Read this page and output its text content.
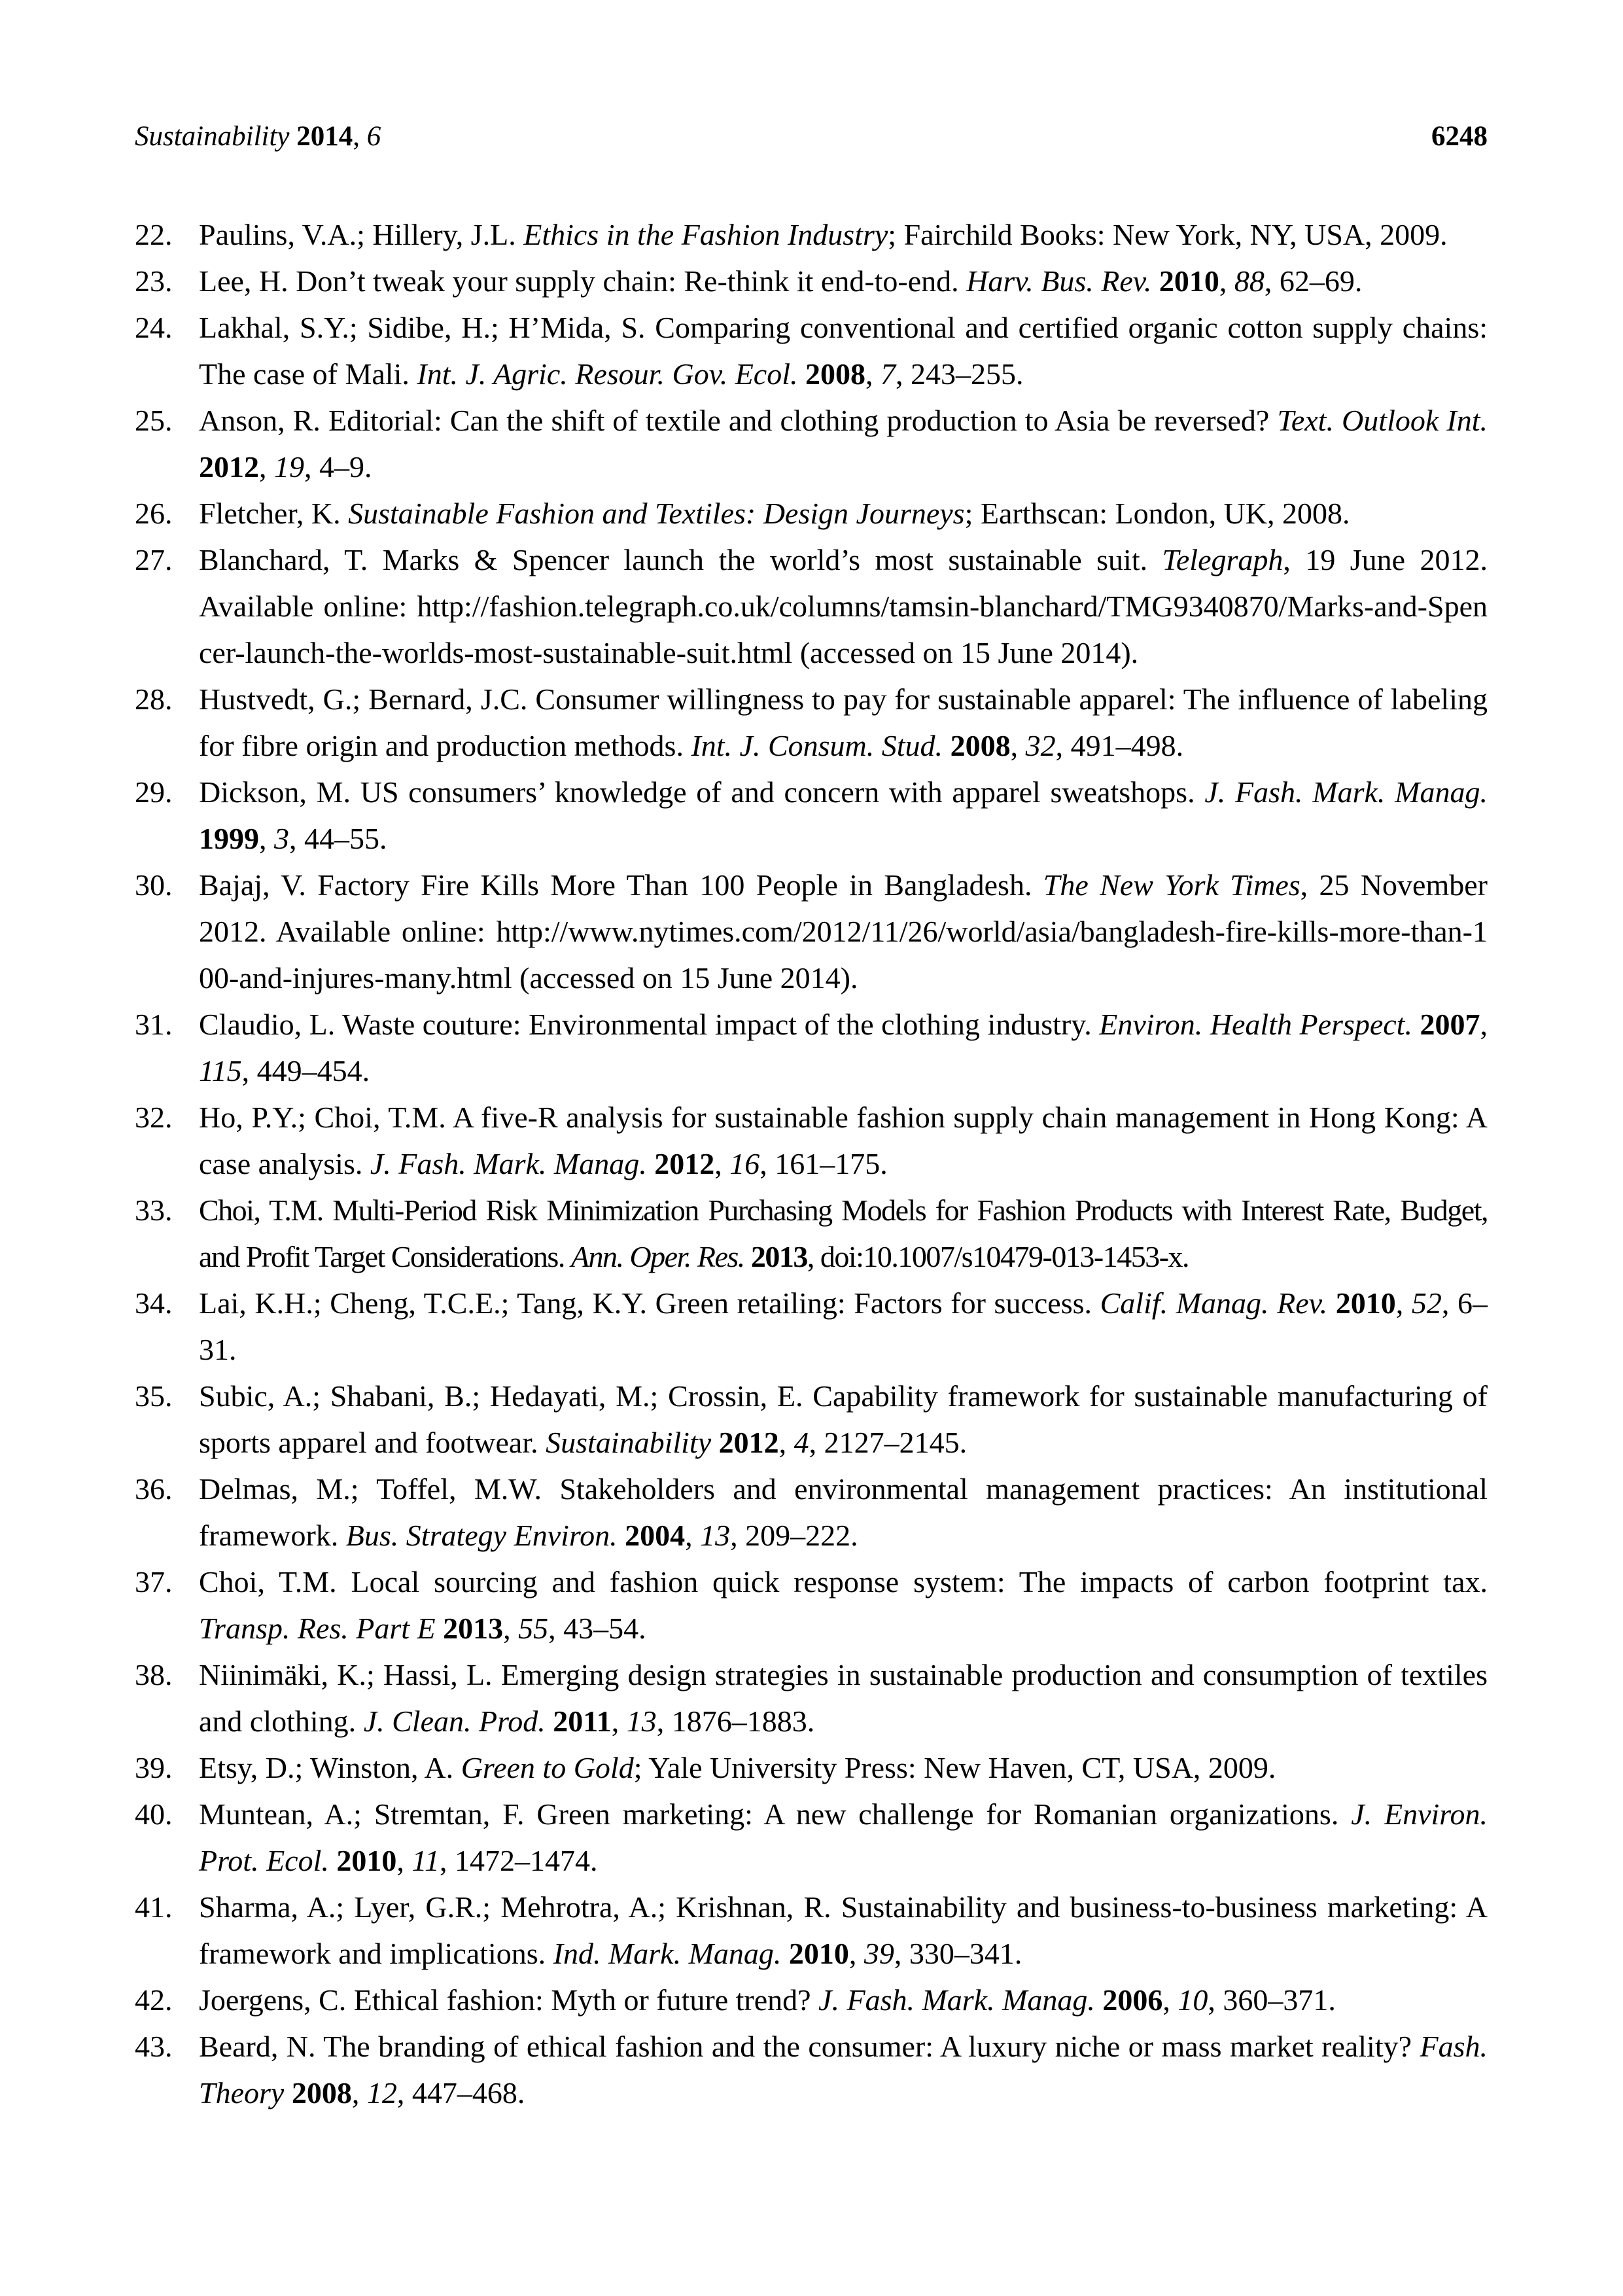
Sustainability 2014, 6	6248
22. Paulins, V.A.; Hillery, J.L. Ethics in the Fashion Industry; Fairchild Books: New York, NY, USA, 2009.
23. Lee, H. Don’t tweak your supply chain: Re-think it end-to-end. Harv. Bus. Rev. 2010, 88, 62–69.
24. Lakhal, S.Y.; Sidibe, H.; H’Mida, S. Comparing conventional and certified organic cotton supply chains: The case of Mali. Int. J. Agric. Resour. Gov. Ecol. 2008, 7, 243–255.
25. Anson, R. Editorial: Can the shift of textile and clothing production to Asia be reversed? Text. Outlook Int. 2012, 19, 4–9.
26. Fletcher, K. Sustainable Fashion and Textiles: Design Journeys; Earthscan: London, UK, 2008.
27. Blanchard, T. Marks & Spencer launch the world’s most sustainable suit. Telegraph, 19 June 2012. Available online: http://fashion.telegraph.co.uk/columns/tamsin-blanchard/TMG9340870/Marks-and-Spencer-launch-the-worlds-most-sustainable-suit.html (accessed on 15 June 2014).
28. Hustvedt, G.; Bernard, J.C. Consumer willingness to pay for sustainable apparel: The influence of labeling for fibre origin and production methods. Int. J. Consum. Stud. 2008, 32, 491–498.
29. Dickson, M. US consumers’ knowledge of and concern with apparel sweatshops. J. Fash. Mark. Manag. 1999, 3, 44–55.
30. Bajaj, V. Factory Fire Kills More Than 100 People in Bangladesh. The New York Times, 25 November 2012. Available online: http://www.nytimes.com/2012/11/26/world/asia/bangladesh-fire-kills-more-than-100-and-injures-many.html (accessed on 15 June 2014).
31. Claudio, L. Waste couture: Environmental impact of the clothing industry. Environ. Health Perspect. 2007, 115, 449–454.
32. Ho, P.Y.; Choi, T.M. A five-R analysis for sustainable fashion supply chain management in Hong Kong: A case analysis. J. Fash. Mark. Manag. 2012, 16, 161–175.
33. Choi, T.M. Multi-Period Risk Minimization Purchasing Models for Fashion Products with Interest Rate, Budget, and Profit Target Considerations. Ann. Oper. Res. 2013, doi:10.1007/s10479-013-1453-x.
34. Lai, K.H.; Cheng, T.C.E.; Tang, K.Y. Green retailing: Factors for success. Calif. Manag. Rev. 2010, 52, 6–31.
35. Subic, A.; Shabani, B.; Hedayati, M.; Crossin, E. Capability framework for sustainable manufacturing of sports apparel and footwear. Sustainability 2012, 4, 2127–2145.
36. Delmas, M.; Toffel, M.W. Stakeholders and environmental management practices: An institutional framework. Bus. Strategy Environ. 2004, 13, 209–222.
37. Choi, T.M. Local sourcing and fashion quick response system: The impacts of carbon footprint tax. Transp. Res. Part E 2013, 55, 43–54.
38. Niinimäki, K.; Hassi, L. Emerging design strategies in sustainable production and consumption of textiles and clothing. J. Clean. Prod. 2011, 13, 1876–1883.
39. Etsy, D.; Winston, A. Green to Gold; Yale University Press: New Haven, CT, USA, 2009.
40. Muntean, A.; Stremtan, F. Green marketing: A new challenge for Romanian organizations. J. Environ. Prot. Ecol. 2010, 11, 1472–1474.
41. Sharma, A.; Lyer, G.R.; Mehrotra, A.; Krishnan, R. Sustainability and business-to-business marketing: A framework and implications. Ind. Mark. Manag. 2010, 39, 330–341.
42. Joergens, C. Ethical fashion: Myth or future trend? J. Fash. Mark. Manag. 2006, 10, 360–371.
43. Beard, N. The branding of ethical fashion and the consumer: A luxury niche or mass market reality? Fash. Theory 2008, 12, 447–468.
